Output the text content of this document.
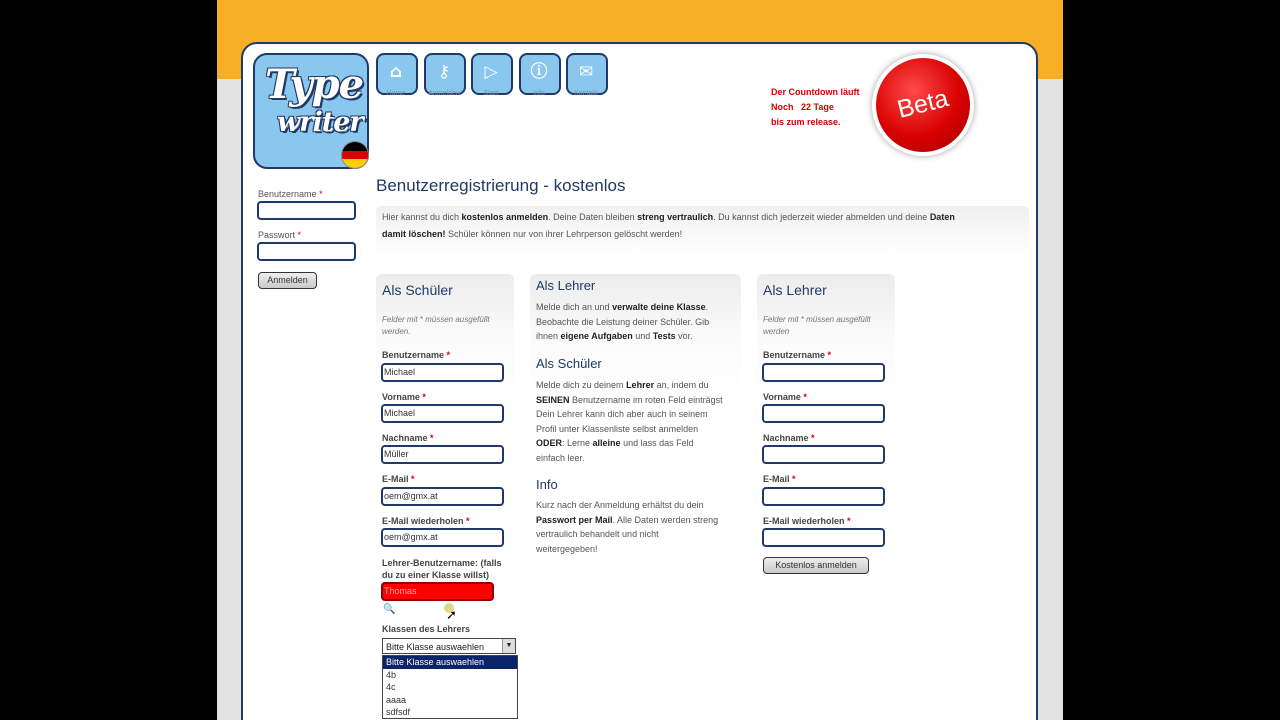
Type
writer
⌂
Home
⚷
Anmelden
▷
Start
ⓘ
Info
✉
Kontakt	Der Countdown läuft
Noch   22 Tage
bis zum release.	Beta
Benutzername *
Passwort *
Anmelden
Benutzerregistrierung - kostenlos
Hier kannst du dich kostenlos anmelden. Deine Daten bleiben streng vertraulich. Du kannst dich jederzeit wieder abmelden und deine Daten
damit löschen! Schüler können nur von ihrer Lehrperson gelöscht werden!
Als Schüler
Felder mit * müssen ausgefüllt
werden.
Benutzername *
Michael
Vorname *
Michael
Nachname *
Müller
E-Mail *
oem@gmx.at
E-Mail wiederholen *
oem@gmx.at
Lehrer-Benutzername: (falls
du zu einer Klasse willst)
Thomas
🔍	➚
Klassen des Lehrers
Bitte Klasse auswaehlen	▼
Bitte Klasse auswaehlen
4b
4c
aaaa
sdfsdf
Als Lehrer
Melde dich an und verwalte deine Klasse.
Beobachte die Leistung deiner Schüler. Gib
ihnen eigene Aufgaben und Tests vor.
Als Schüler
Melde dich zu deinem Lehrer an, indem du
SEINEN Benutzername im roten Feld einträgst
Dein Lehrer kann dich aber auch in seinem
Profil unter Klassenliste selbst anmelden
ODER: Lerne alleine und lass das Feld
einfach leer.
Info
Kurz nach der Anmeldung erhältst du dein
Passwort per Mail. Alle Daten werden streng
vertraulich behandelt und nicht
weitergegeben!
Als Lehrer
Felder mit * müssen ausgefüllt
werden
Benutzername *
Vorname *
Nachname *
E-Mail *
E-Mail wiederholen *
Kostenlos anmelden
